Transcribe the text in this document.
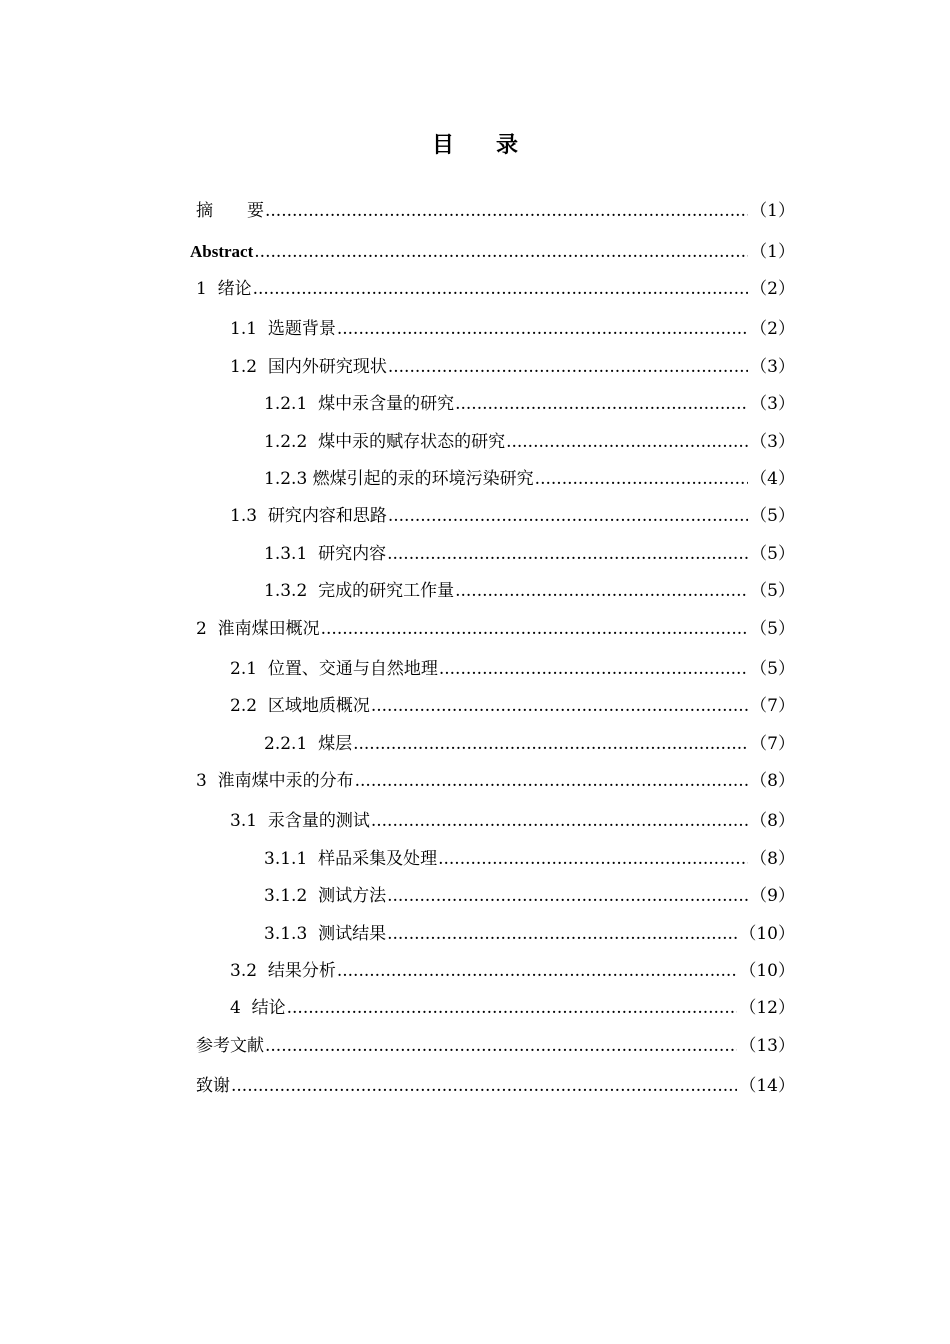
目 录
摘　　要 .....	（1）
Abstract .....	（1）
1  绪论 .....	（2）
1.1  选题背景 .....	（2）
1.2  国内外研究现状 .....	（3）
1.2.1  煤中汞含量的研究 .....	（3）
1.2.2  煤中汞的赋存状态的研究 .....	（3）
1.2.3 燃煤引起的汞的环境污染研究 .....	（4）
1.3  研究内容和思路 .....	（5）
1.3.1  研究内容 .....	（5）
1.3.2  完成的研究工作量 .....	（5）
2  淮南煤田概况 .....	（5）
2.1  位置、交通与自然地理 .....	（5）
2.2  区域地质概况 .....	（7）
2.2.1  煤层 .....	（7）
3  淮南煤中汞的分布 .....	（8）
3.1  汞含量的测试 .....	（8）
3.1.1  样品采集及处理 .....	（8）
3.1.2  测试方法 .....	（9）
3.1.3  测试结果 .....	（10）
3.2  结果分析 .....	（10）
4  结论 .....	（12）
参考文献 .....	（13）
致谢 .....	（14）
